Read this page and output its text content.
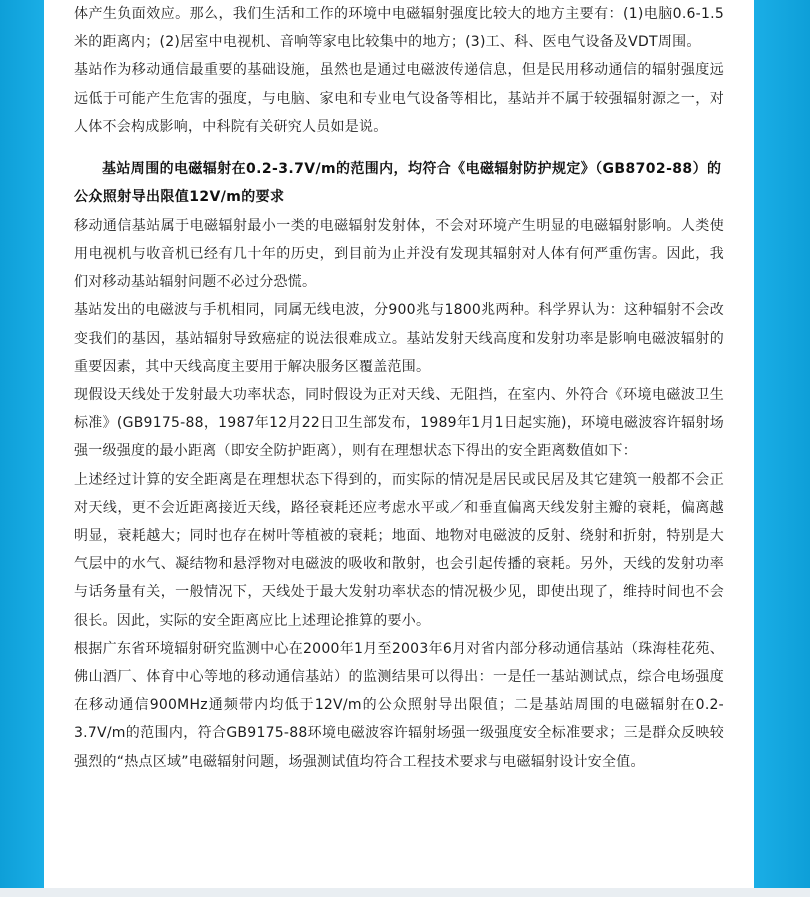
体产生负面效应。那么，我们生活和工作的环境中电磁辐射强度比较大的地方主要有：(1)电脑0.6-1.5米的距离内；(2)居室中电视机、音响等家电比较集中的地方；(3)工、科、医电气设备及VDT周围。

基站作为移动通信最重要的基础设施，虽然也是通过电磁波传递信息，但是民用移动通信的辐射强度远远低于可能产生危害的强度，与电脑、家电和专业电气设备等相比，基站并不属于较强辐射源之一，对人体不会构成影响，中科院有关研究人员如是说。

基站周围的电磁辐射在0.2-3.7V/m的范围内，均符合《电磁辐射防护规定》（GB8702-88）的公众照射导出限值12V/m的要求

移动通信基站属于电磁辐射最小一类的电磁辐射发射体，不会对环境产生明显的电磁辐射影响。人类使用电视机与收音机已经有几十年的历史，到目前为止并没有发现其辐射对人体有何严重伤害。因此，我们对移动基站辐射问题不必过分恐慌。

基站发出的电磁波与手机相同，同属无线电波，分900兆与1800兆两种。科学界认为：这种辐射不会改变我们的基因，基站辐射导致癌症的说法很难成立。基站发射天线高度和发射功率是影响电磁波辐射的重要因素，其中天线高度主要用于解决服务区覆盖范围。

现假设天线处于发射最大功率状态，同时假设为正对天线、无阻挡，在室内、外符合《环境电磁波卫生标准》(GB9175-88，1987年12月22日卫生部发布，1989年1月1日起实施)，环境电磁波容许辐射场强一级强度的最小距离（即安全防护距离），则有在理想状态下得出的安全距离数值如下：

上述经过计算的安全距离是在理想状态下得到的，而实际的情况是居民或民居及其它建筑一般都不会正对天线，更不会近距离接近天线，路径衰耗还应考虑水平或／和垂直偏离天线发射主瓣的衰耗，偏离越明显，衰耗越大；同时也存在树叶等植被的衰耗；地面、地物对电磁波的反射、绕射和折射，特别是大气层中的水气、凝结物和悬浮物对电磁波的吸收和散射，也会引起传播的衰耗。另外，天线的发射功率与话务量有关，一般情况下，天线处于最大发射功率状态的情况极少见，即使出现了，维持时间也不会很长。因此，实际的安全距离应比上述理论推算的要小。

根据广东省环境辐射研究监测中心在2000年1月至2003年6月对省内部分移动通信基站（珠海桂花苑、佛山酒厂、体育中心等地的移动通信基站）的监测结果可以得出：一是任一基站测试点，综合电场强度在移动通信900MHz通频带内均低于12V/m的公众照射导出限值；二是基站周围的电磁辐射在0.2-3.7V/m的范围内，符合GB9175-88环境电磁波容许辐射场强一级强度安全标准要求；三是群众反映较强烈的“热点区域”电磁辐射问题，场强测试值均符合工程技术要求与电磁辐射设计安全值。
